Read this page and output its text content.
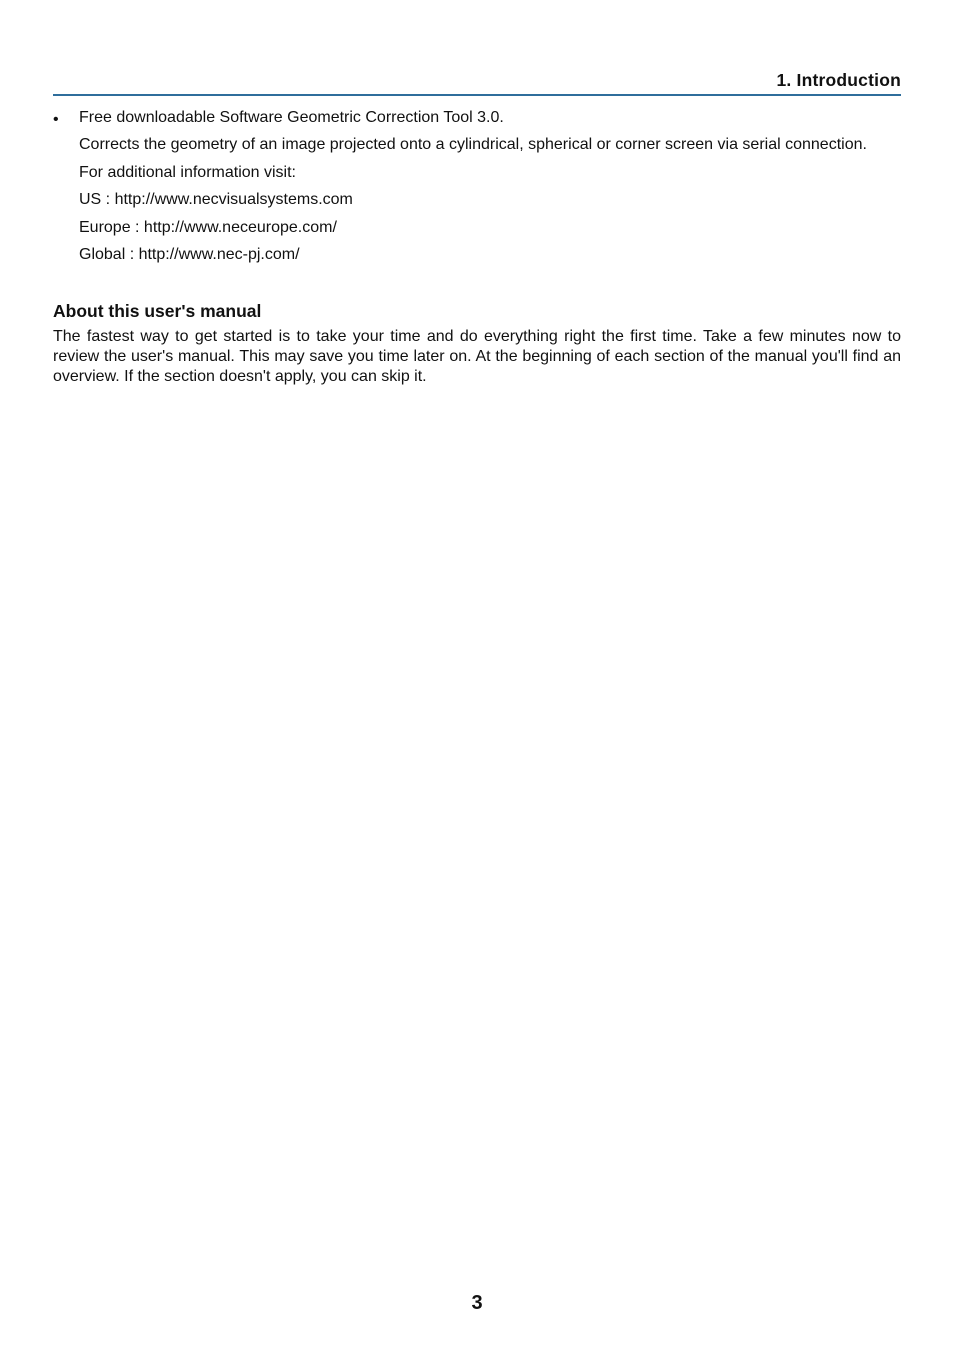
1. Introduction
• Free downloadable Software Geometric Correction Tool 3.0.
Corrects the geometry of an image projected onto a cylindrical, spherical or corner screen via serial connection.
For additional information visit:
US : http://www.necvisualsystems.com
Europe : http://www.neceurope.com/
Global : http://www.nec-pj.com/
About this user's manual

The fastest way to get started is to take your time and do everything right the first time. Take a few minutes now to review the user's manual. This may save you time later on. At the beginning of each section of the manual you'll find an overview. If the section doesn't apply, you can skip it.

3
